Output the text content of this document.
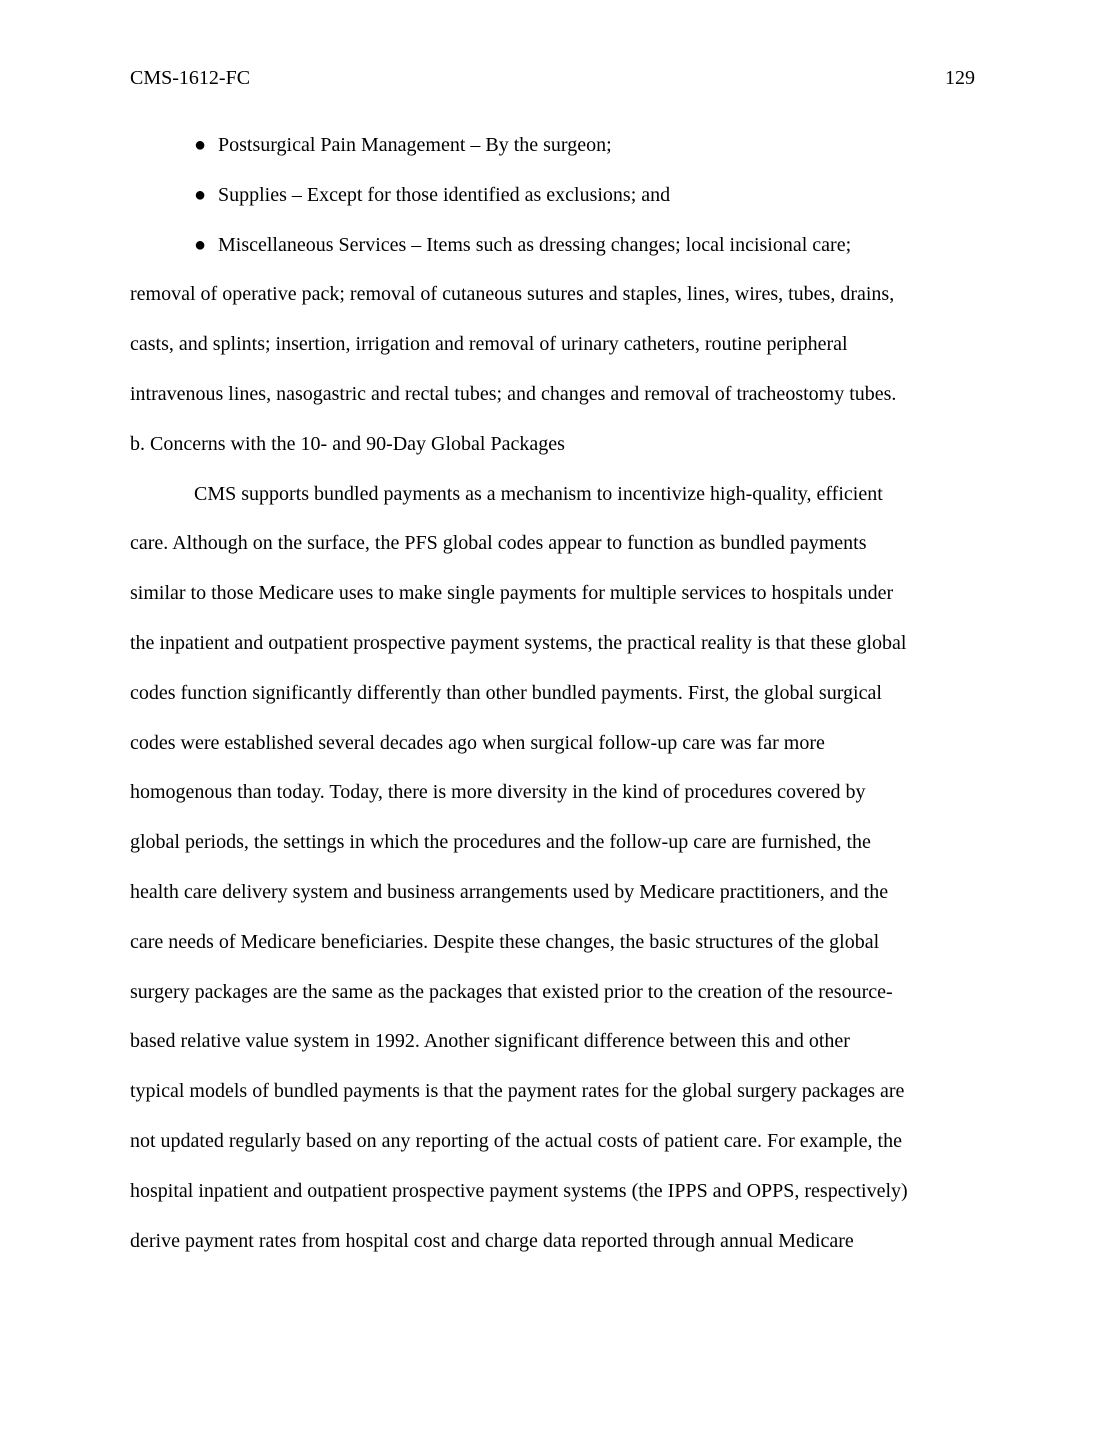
CMS-1612-FC	129
● Postsurgical Pain Management – By the surgeon;
● Supplies – Except for those identified as exclusions; and
● Miscellaneous Services – Items such as dressing changes; local incisional care;
removal of operative pack; removal of cutaneous sutures and staples, lines, wires, tubes, drains,
casts, and splints; insertion, irrigation and removal of urinary catheters, routine peripheral
intravenous lines, nasogastric and rectal tubes; and changes and removal of tracheostomy tubes.
b. Concerns with the 10- and 90-Day Global Packages
CMS supports bundled payments as a mechanism to incentivize high-quality, efficient
care. Although on the surface, the PFS global codes appear to function as bundled payments
similar to those Medicare uses to make single payments for multiple services to hospitals under
the inpatient and outpatient prospective payment systems, the practical reality is that these global
codes function significantly differently than other bundled payments. First, the global surgical
codes were established several decades ago when surgical follow-up care was far more
homogenous than today. Today, there is more diversity in the kind of procedures covered by
global periods, the settings in which the procedures and the follow-up care are furnished, the
health care delivery system and business arrangements used by Medicare practitioners, and the
care needs of Medicare beneficiaries. Despite these changes, the basic structures of the global
surgery packages are the same as the packages that existed prior to the creation of the resource-
based relative value system in 1992. Another significant difference between this and other
typical models of bundled payments is that the payment rates for the global surgery packages are
not updated regularly based on any reporting of the actual costs of patient care. For example, the
hospital inpatient and outpatient prospective payment systems (the IPPS and OPPS, respectively)
derive payment rates from hospital cost and charge data reported through annual Medicare
